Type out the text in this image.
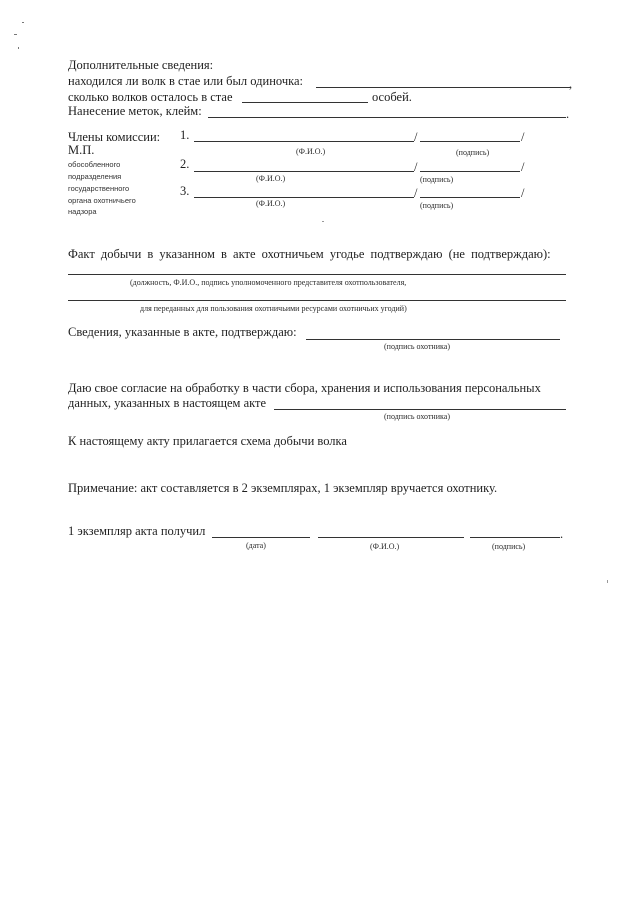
Дополнительные сведения:
находился ли волк в стае или был одиночка:	,
сколько волков осталось в стае	особей.
Нанесение меток, клейм:	.
Члены комиссии:
М.П.
обособленного
подразделения
государственного
органа охотничьего
надзора
1.	/	/
(Ф.И.О.)	(подпись)
2.	/	/
(Ф.И.О.)	(подпись)
3.	/	/
(Ф.И.О.)	(подпись)
Факт добычи в указанном в акте охотничьем угодье подтверждаю (не подтверждаю):
(должность, Ф.И.О., подпись уполномоченного представителя охотпользователя,
для переданных для пользования охотничьими ресурсами охотничьих угодий)
Сведения, указанные в акте, подтверждаю:
(подпись охотника)
Даю свое согласие на обработку в части сбора, хранения и использования персональных
данных, указанных в настоящем акте
(подпись охотника)
К настоящему акту прилагается схема добычи волка
Примечание: акт составляется в 2 экземплярах, 1 экземпляр вручается охотнику.
1 экземпляр акта получил	.
(дата)	(Ф.И.О.)	(подпись)
